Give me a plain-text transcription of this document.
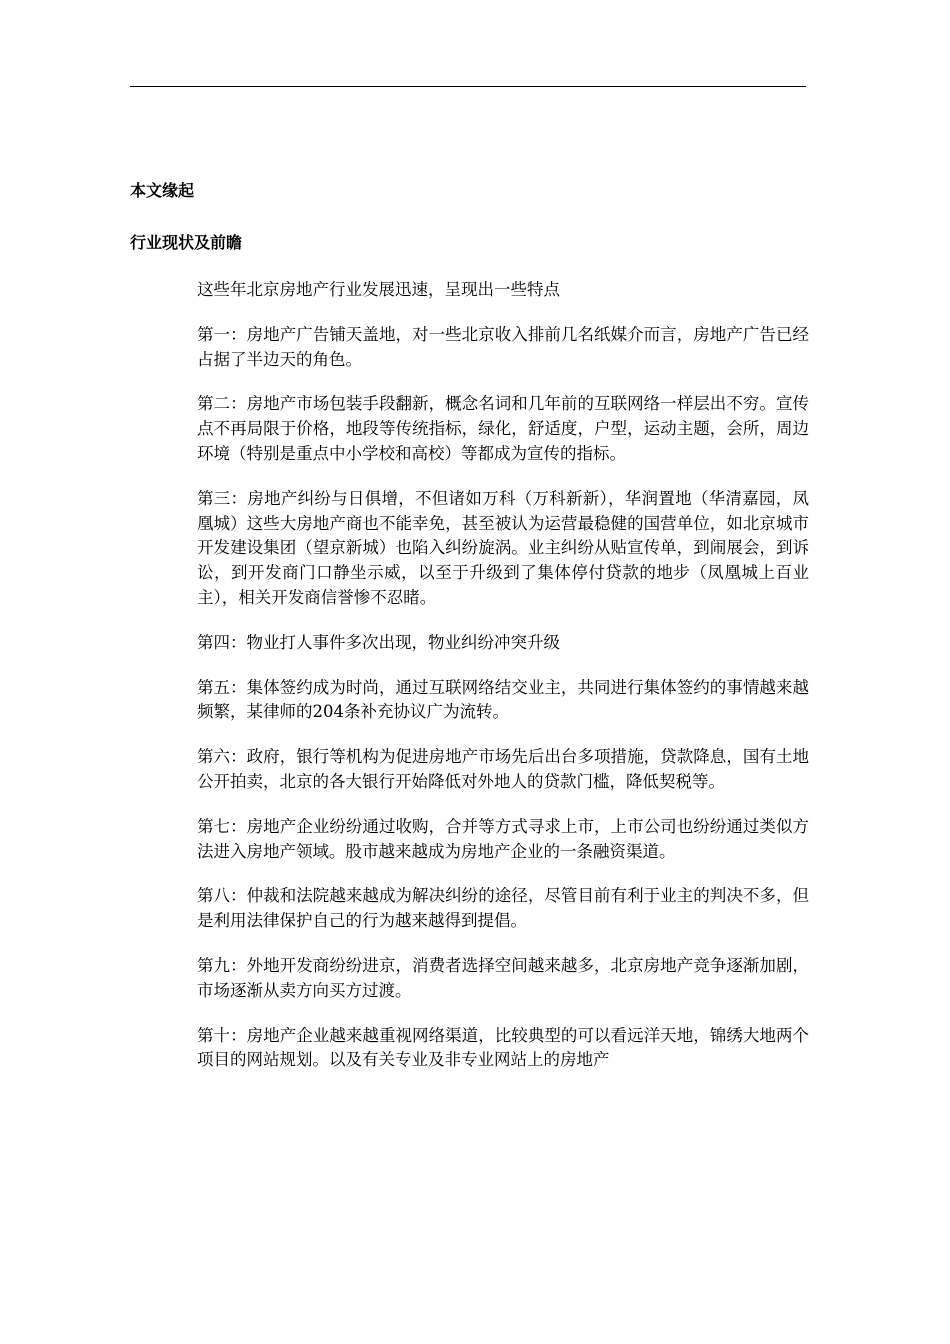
本文缘起
行业现状及前瞻

这些年北京房地产行业发展迅速，呈现出一些特点

第一：房地产广告铺天盖地，对一些北京收入排前几名纸媒介而言，房地产广告已经占据了半边天的角色。

第二：房地产市场包装手段翻新，概念名词和几年前的互联网络一样层出不穷。宣传点不再局限于价格，地段等传统指标，绿化，舒适度，户型，运动主题，会所，周边环境（特别是重点中小学校和高校）等都成为宣传的指标。

第三：房地产纠纷与日俱增，不但诸如万科（万科新新），华润置地（华清嘉园，凤凰城）这些大房地产商也不能幸免，甚至被认为运营最稳健的国营单位，如北京城市开发建设集团（望京新城）也陷入纠纷旋涡。业主纠纷从贴宣传单，到闹展会，到诉讼，到开发商门口静坐示威，以至于升级到了集体停付贷款的地步（凤凰城上百业主），相关开发商信誉惨不忍睹。

第四：物业打人事件多次出现，物业纠纷冲突升级

第五：集体签约成为时尚，通过互联网络结交业主，共同进行集体签约的事情越来越频繁，某律师的204条补充协议广为流转。

第六：政府，银行等机构为促进房地产市场先后出台多项措施，贷款降息，国有土地公开拍卖，北京的各大银行开始降低对外地人的贷款门槛，降低契税等。

第七：房地产企业纷纷通过收购，合并等方式寻求上市，上市公司也纷纷通过类似方法进入房地产领域。股市越来越成为房地产企业的一条融资渠道。

第八：仲裁和法院越来越成为解决纠纷的途径，尽管目前有利于业主的判决不多，但是利用法律保护自己的行为越来越得到提倡。

第九：外地开发商纷纷进京，消费者选择空间越来越多，北京房地产竞争逐渐加剧，市场逐渐从卖方向买方过渡。

第十：房地产企业越来越重视网络渠道，比较典型的可以看远洋天地，锦绣大地两个项目的网站规划。以及有关专业及非专业网站上的房地产
